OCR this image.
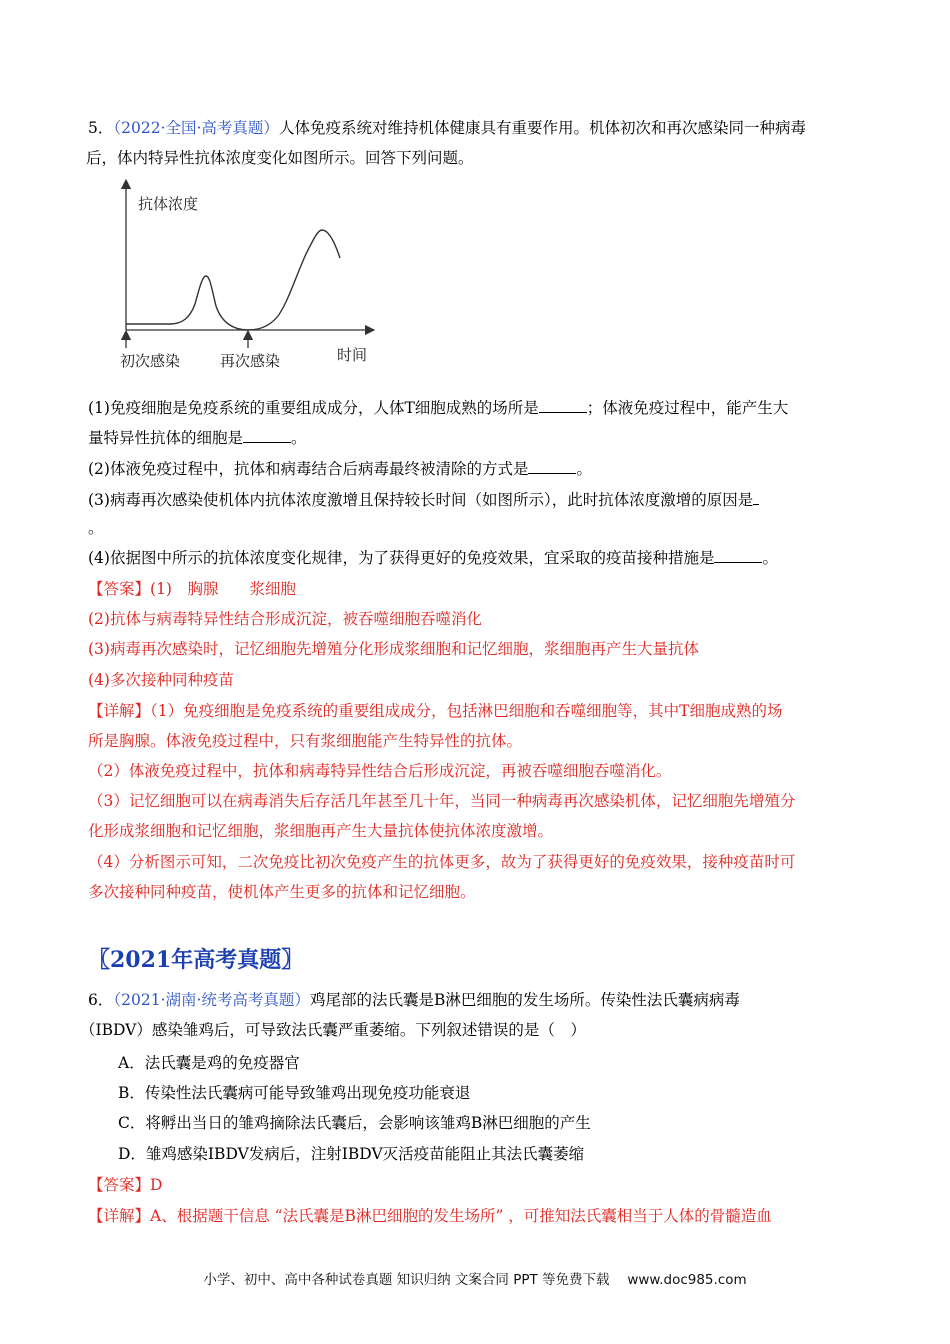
5．（2022·全国·高考真题）人体免疫系统对维持机体健康具有重要作用。机体初次和再次感染同一种病毒
后，体内特异性抗体浓度变化如图所示。回答下列问题。
抗体浓度
时间
初次感染	再次感染
(1)免疫细胞是免疫系统的重要组成成分，人体T细胞成熟的场所是	；体液免疫过程中，能产生大
量特异性抗体的细胞是	。
(2)体液免疫过程中，抗体和病毒结合后病毒最终被清除的方式是	。
(3)病毒再次感染使机体内抗体浓度激增且保持较长时间（如图所示），此时抗体浓度激增的原因是
。
(4)依据图中所示的抗体浓度变化规律，为了获得更好的免疫效果，宜采取的疫苗接种措施是	。
【答案】(1)　胸腺　　浆细胞
(2)抗体与病毒特异性结合形成沉淀，被吞噬细胞吞噬消化
(3)病毒再次感染时，记忆细胞先增殖分化形成浆细胞和记忆细胞，浆细胞再产生大量抗体
(4)多次接种同种疫苗
【详解】（1）免疫细胞是免疫系统的重要组成成分，包括淋巴细胞和吞噬细胞等，其中T细胞成熟的场
所是胸腺。体液免疫过程中，只有浆细胞能产生特异性的抗体。
（2）体液免疫过程中，抗体和病毒特异性结合后形成沉淀，再被吞噬细胞吞噬消化。
（3）记忆细胞可以在病毒消失后存活几年甚至几十年，当同一种病毒再次感染机体，记忆细胞先增殖分
化形成浆细胞和记忆细胞，浆细胞再产生大量抗体使抗体浓度激增。
（4）分析图示可知，二次免疫比初次免疫产生的抗体更多，故为了获得更好的免疫效果，接种疫苗时可
多次接种同种疫苗，使机体产生更多的抗体和记忆细胞。
〖2021年高考真题〗
6．（2021·湖南·统考高考真题）鸡尾部的法氏囊是B淋巴细胞的发生场所。传染性法氏囊病病毒
（IBDV）感染雏鸡后，可导致法氏囊严重萎缩。下列叙述错误的是（　）
A．法氏囊是鸡的免疫器官
B．传染性法氏囊病可能导致雏鸡出现免疫功能衰退
C．将孵出当日的雏鸡摘除法氏囊后，会影响该雏鸡B淋巴细胞的产生
D．雏鸡感染IBDV发病后，注射IBDV灭活疫苗能阻止其法氏囊萎缩
【答案】D
【详解】A、根据题干信息 “法氏囊是B淋巴细胞的发生场所” ，可推知法氏囊相当于人体的骨髓造血
小学、初中、高中各种试卷真题 知识归纳 文案合同 PPT 等免费下载　 www.doc985.com
